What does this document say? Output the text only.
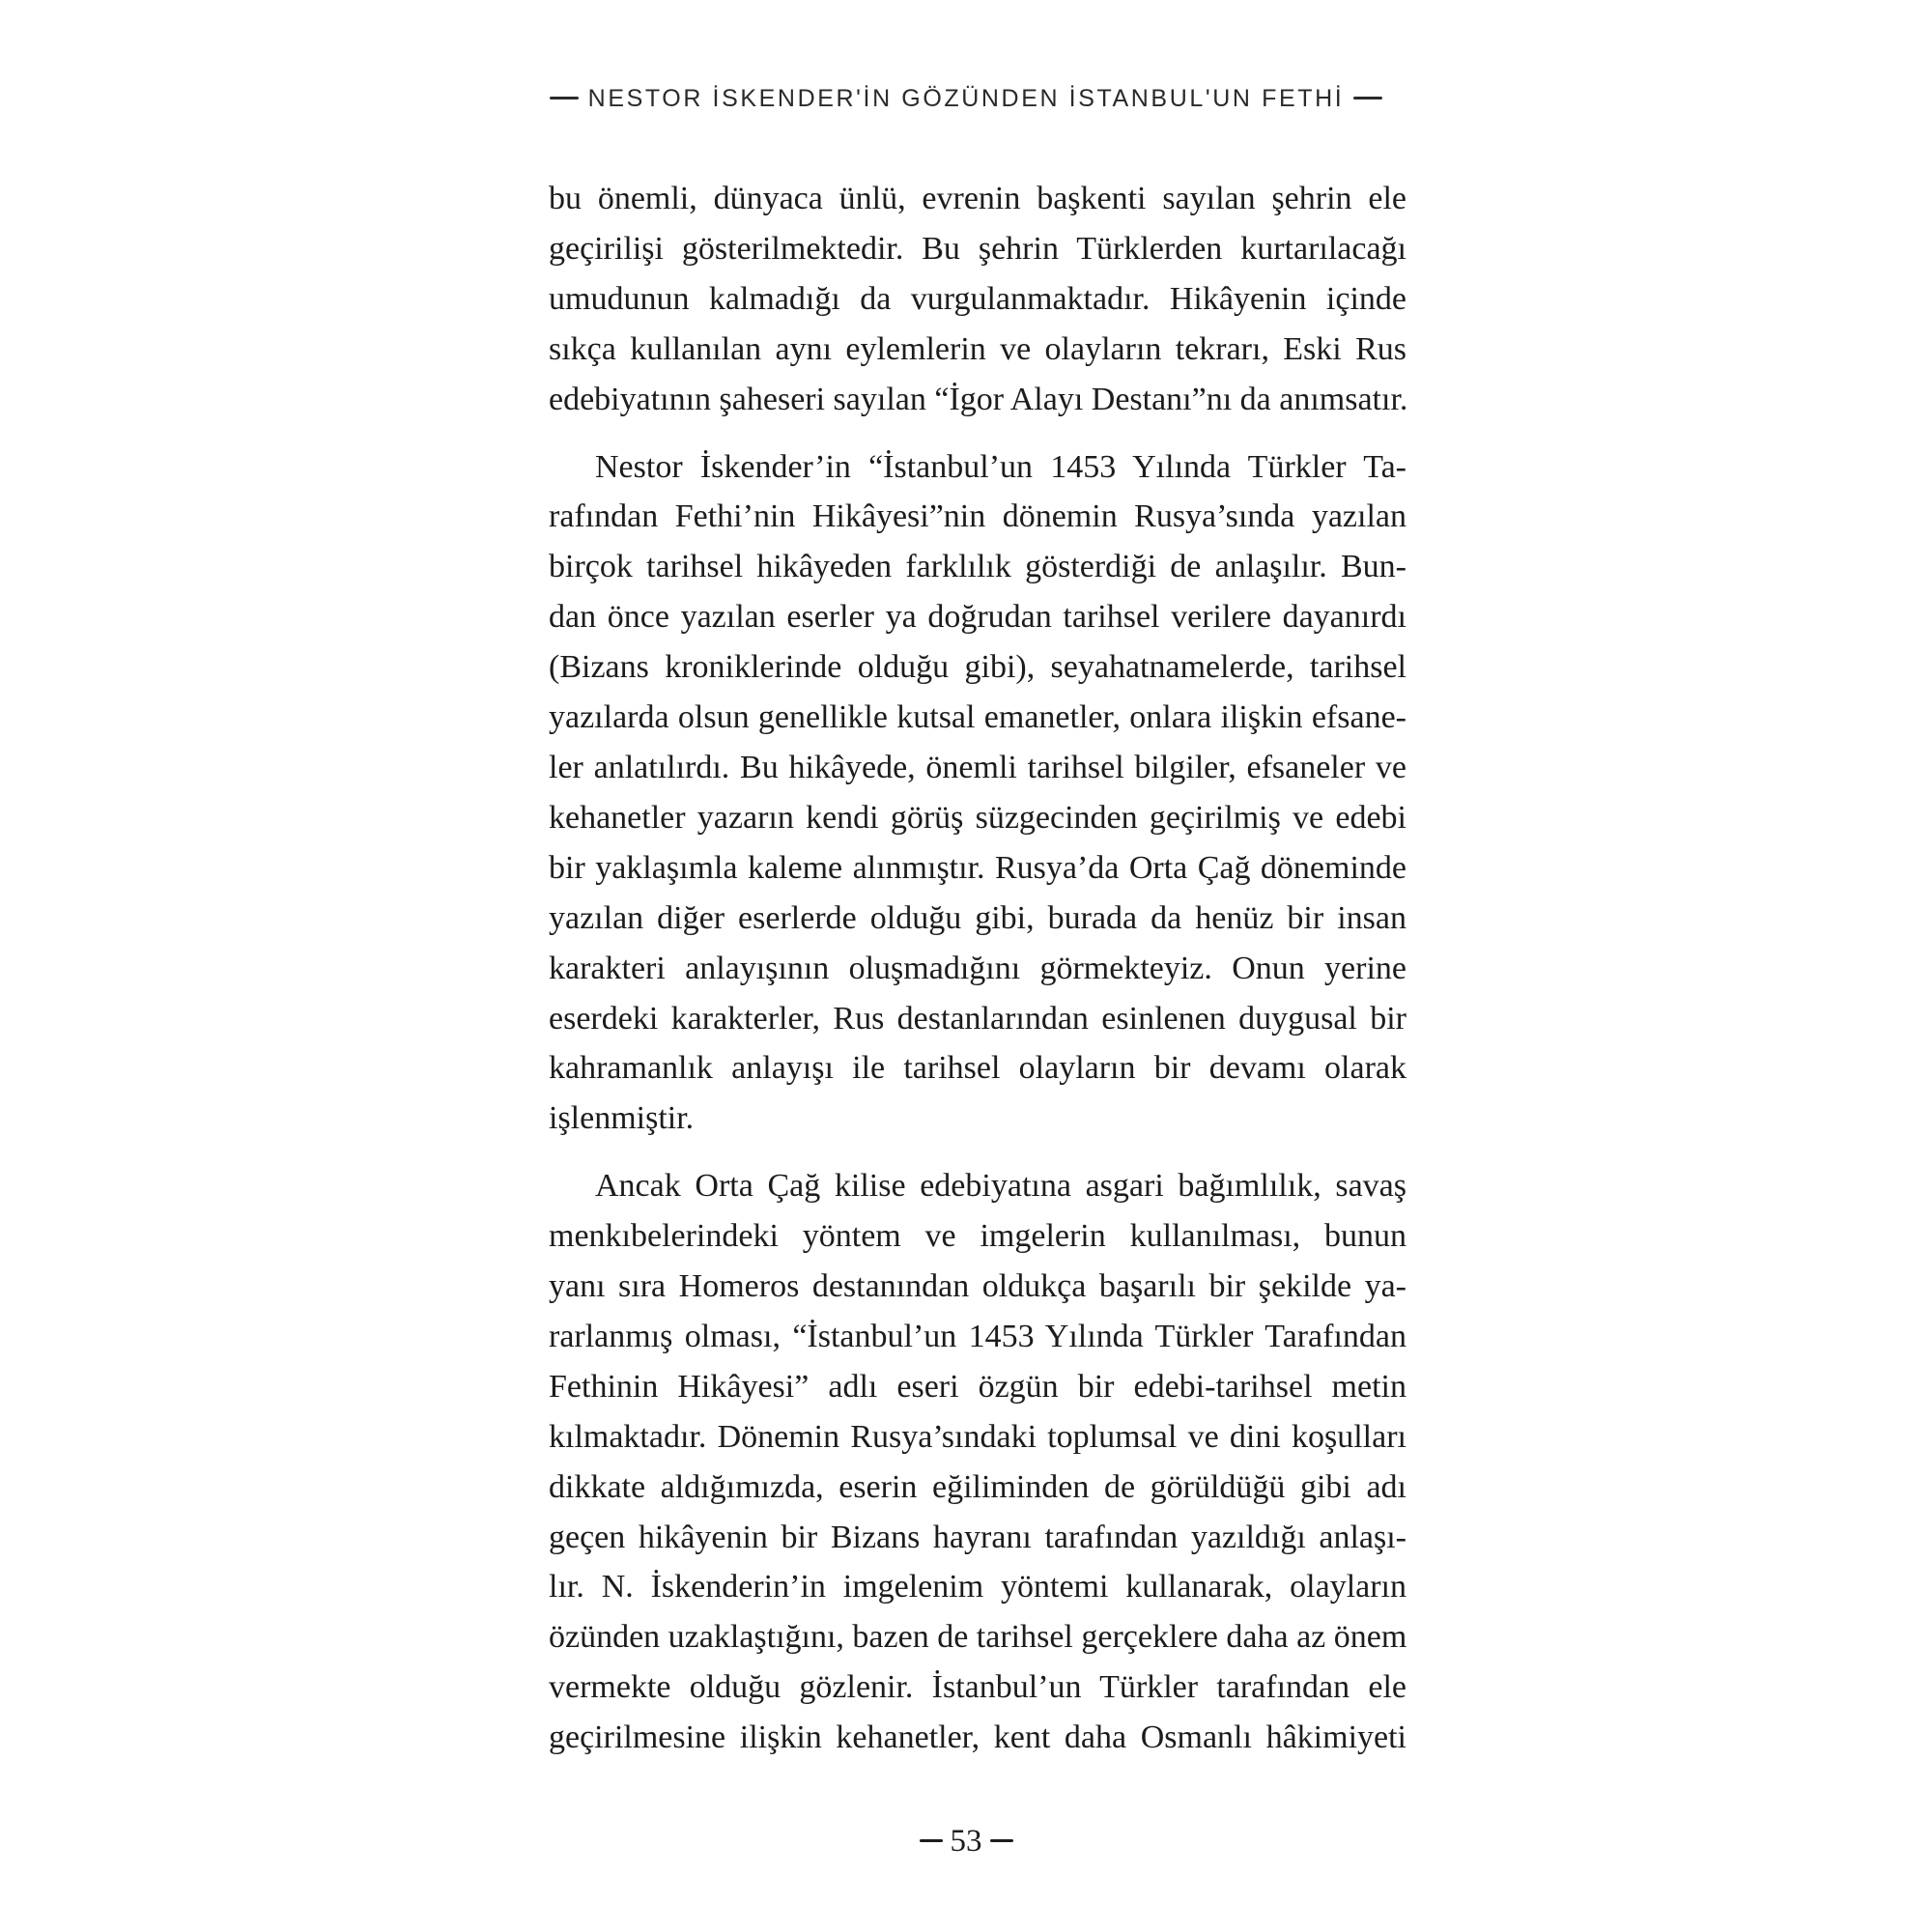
NESTOR İSKENDER'İN GÖZÜNDEN İSTANBUL'UN FETHİ

bu önemli, dünyaca ünlü, evrenin başkenti sayılan şehrin ele
geçirilişi gösterilmektedir. Bu şehrin Türklerden kurtarılacağı
umudunun kalmadığı da vurgulanmaktadır. Hikâyenin içinde
sıkça kullanılan aynı eylemlerin ve olayların tekrarı, Eski Rus
edebiyatının şaheseri sayılan “İgor Alayı Destanı”nı da anımsatır.

Nestor İskender’in “İstanbul’un 1453 Yılında Türkler Ta-
rafından Fethi’nin Hikâyesi”nin dönemin Rusya’sında yazılan
birçok tarihsel hikâyeden farklılık gösterdiği de anlaşılır. Bun-
dan önce yazılan eserler ya doğrudan tarihsel verilere dayanırdı
(Bizans kroniklerinde olduğu gibi), seyahatnamelerde, tarihsel
yazılarda olsun genellikle kutsal emanetler, onlara ilişkin efsane-
ler anlatılırdı. Bu hikâyede, önemli tarihsel bilgiler, efsaneler ve
kehanetler yazarın kendi görüş süzgecinden geçirilmiş ve edebi
bir yaklaşımla kaleme alınmıştır. Rusya’da Orta Çağ döneminde
yazılan diğer eserlerde olduğu gibi, burada da henüz bir insan
karakteri anlayışının oluşmadığını görmekteyiz. Onun yerine
eserdeki karakterler, Rus destanlarından esinlenen duygusal bir
kahramanlık anlayışı ile tarihsel olayların bir devamı olarak
işlenmiştir.

Ancak Orta Çağ kilise edebiyatına asgari bağımlılık, savaş
menkıbelerindeki yöntem ve imgelerin kullanılması, bunun
yanı sıra Homeros destanından oldukça başarılı bir şekilde ya-
rarlanmış olması, “İstanbul’un 1453 Yılında Türkler Tarafından
Fethinin Hikâyesi” adlı eseri özgün bir edebi-tarihsel metin
kılmaktadır. Dönemin Rusya’sındaki toplumsal ve dini koşulları
dikkate aldığımızda, eserin eğiliminden de görüldüğü gibi adı
geçen hikâyenin bir Bizans hayranı tarafından yazıldığı anlaşı-
lır. N. İskenderin’in imgelenim yöntemi kullanarak, olayların
özünden uzaklaştığını, bazen de tarihsel gerçeklere daha az önem
vermekte olduğu gözlenir. İstanbul’un Türkler tarafından ele
geçirilmesine ilişkin kehanetler, kent daha Osmanlı hâkimiyeti

53
